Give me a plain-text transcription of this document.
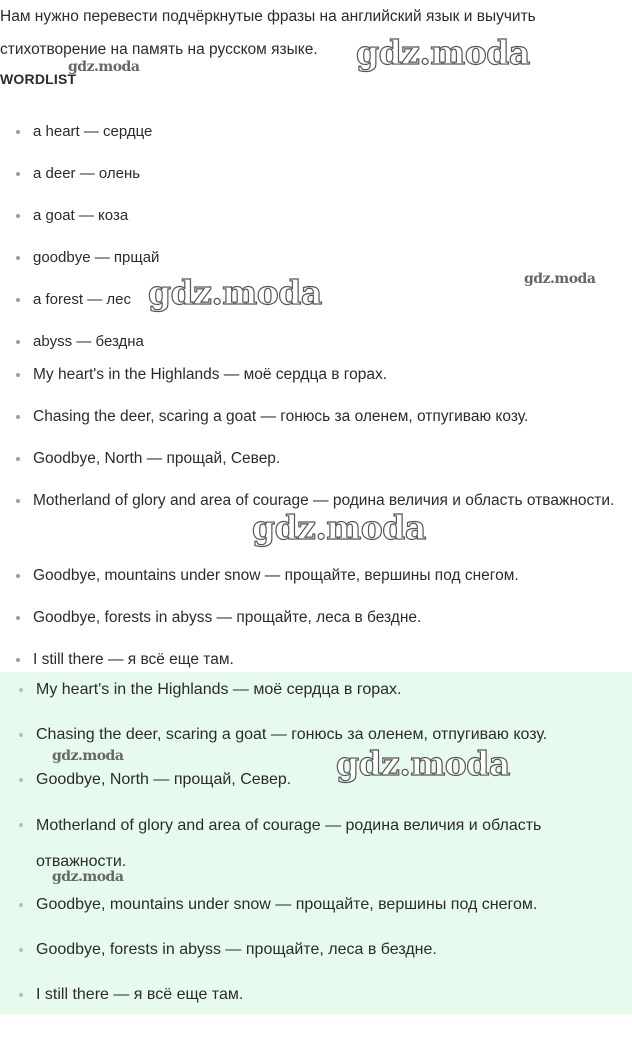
Нам нужно перевести подчёркнутые фразы на английский язык и выучить стихотворение на память на русском языке.

WORDLIST

a heart — сердце
a deer — олень
a goat — коза
goodbye — прщай
a forest — лес
abyss — бездна
My heart's in the Highlands — моё сердца в горах.
Chasing the deer, scaring a goat — гонюсь за оленем, отпугиваю козу.
Goodbye, North — прощай, Север.
Motherland of glory and area of courage — родина величия и область отважности.
Goodbye, mountains under snow — прощайте, вершины под снегом.
Goodbye, forests in abyss — прощайте, леса в бездне.
I still there — я всё еще там.
My heart's in the Highlands — моё сердца в горах.
Chasing the deer, scaring a goat — гонюсь за оленем, отпугиваю козу.
Goodbye, North — прощай, Север.
Motherland of glory and area of courage — родина величия и область отважности.
Goodbye, mountains under snow — прощайте, вершины под снегом.
Goodbye, forests in abyss — прощайте, леса в бездне.
I still there — я всё еще там.
gdz.moda
gdz.moda
gdz.moda
gdz.moda
gdz.moda
gdz.moda
gdz.moda
gdz.moda
